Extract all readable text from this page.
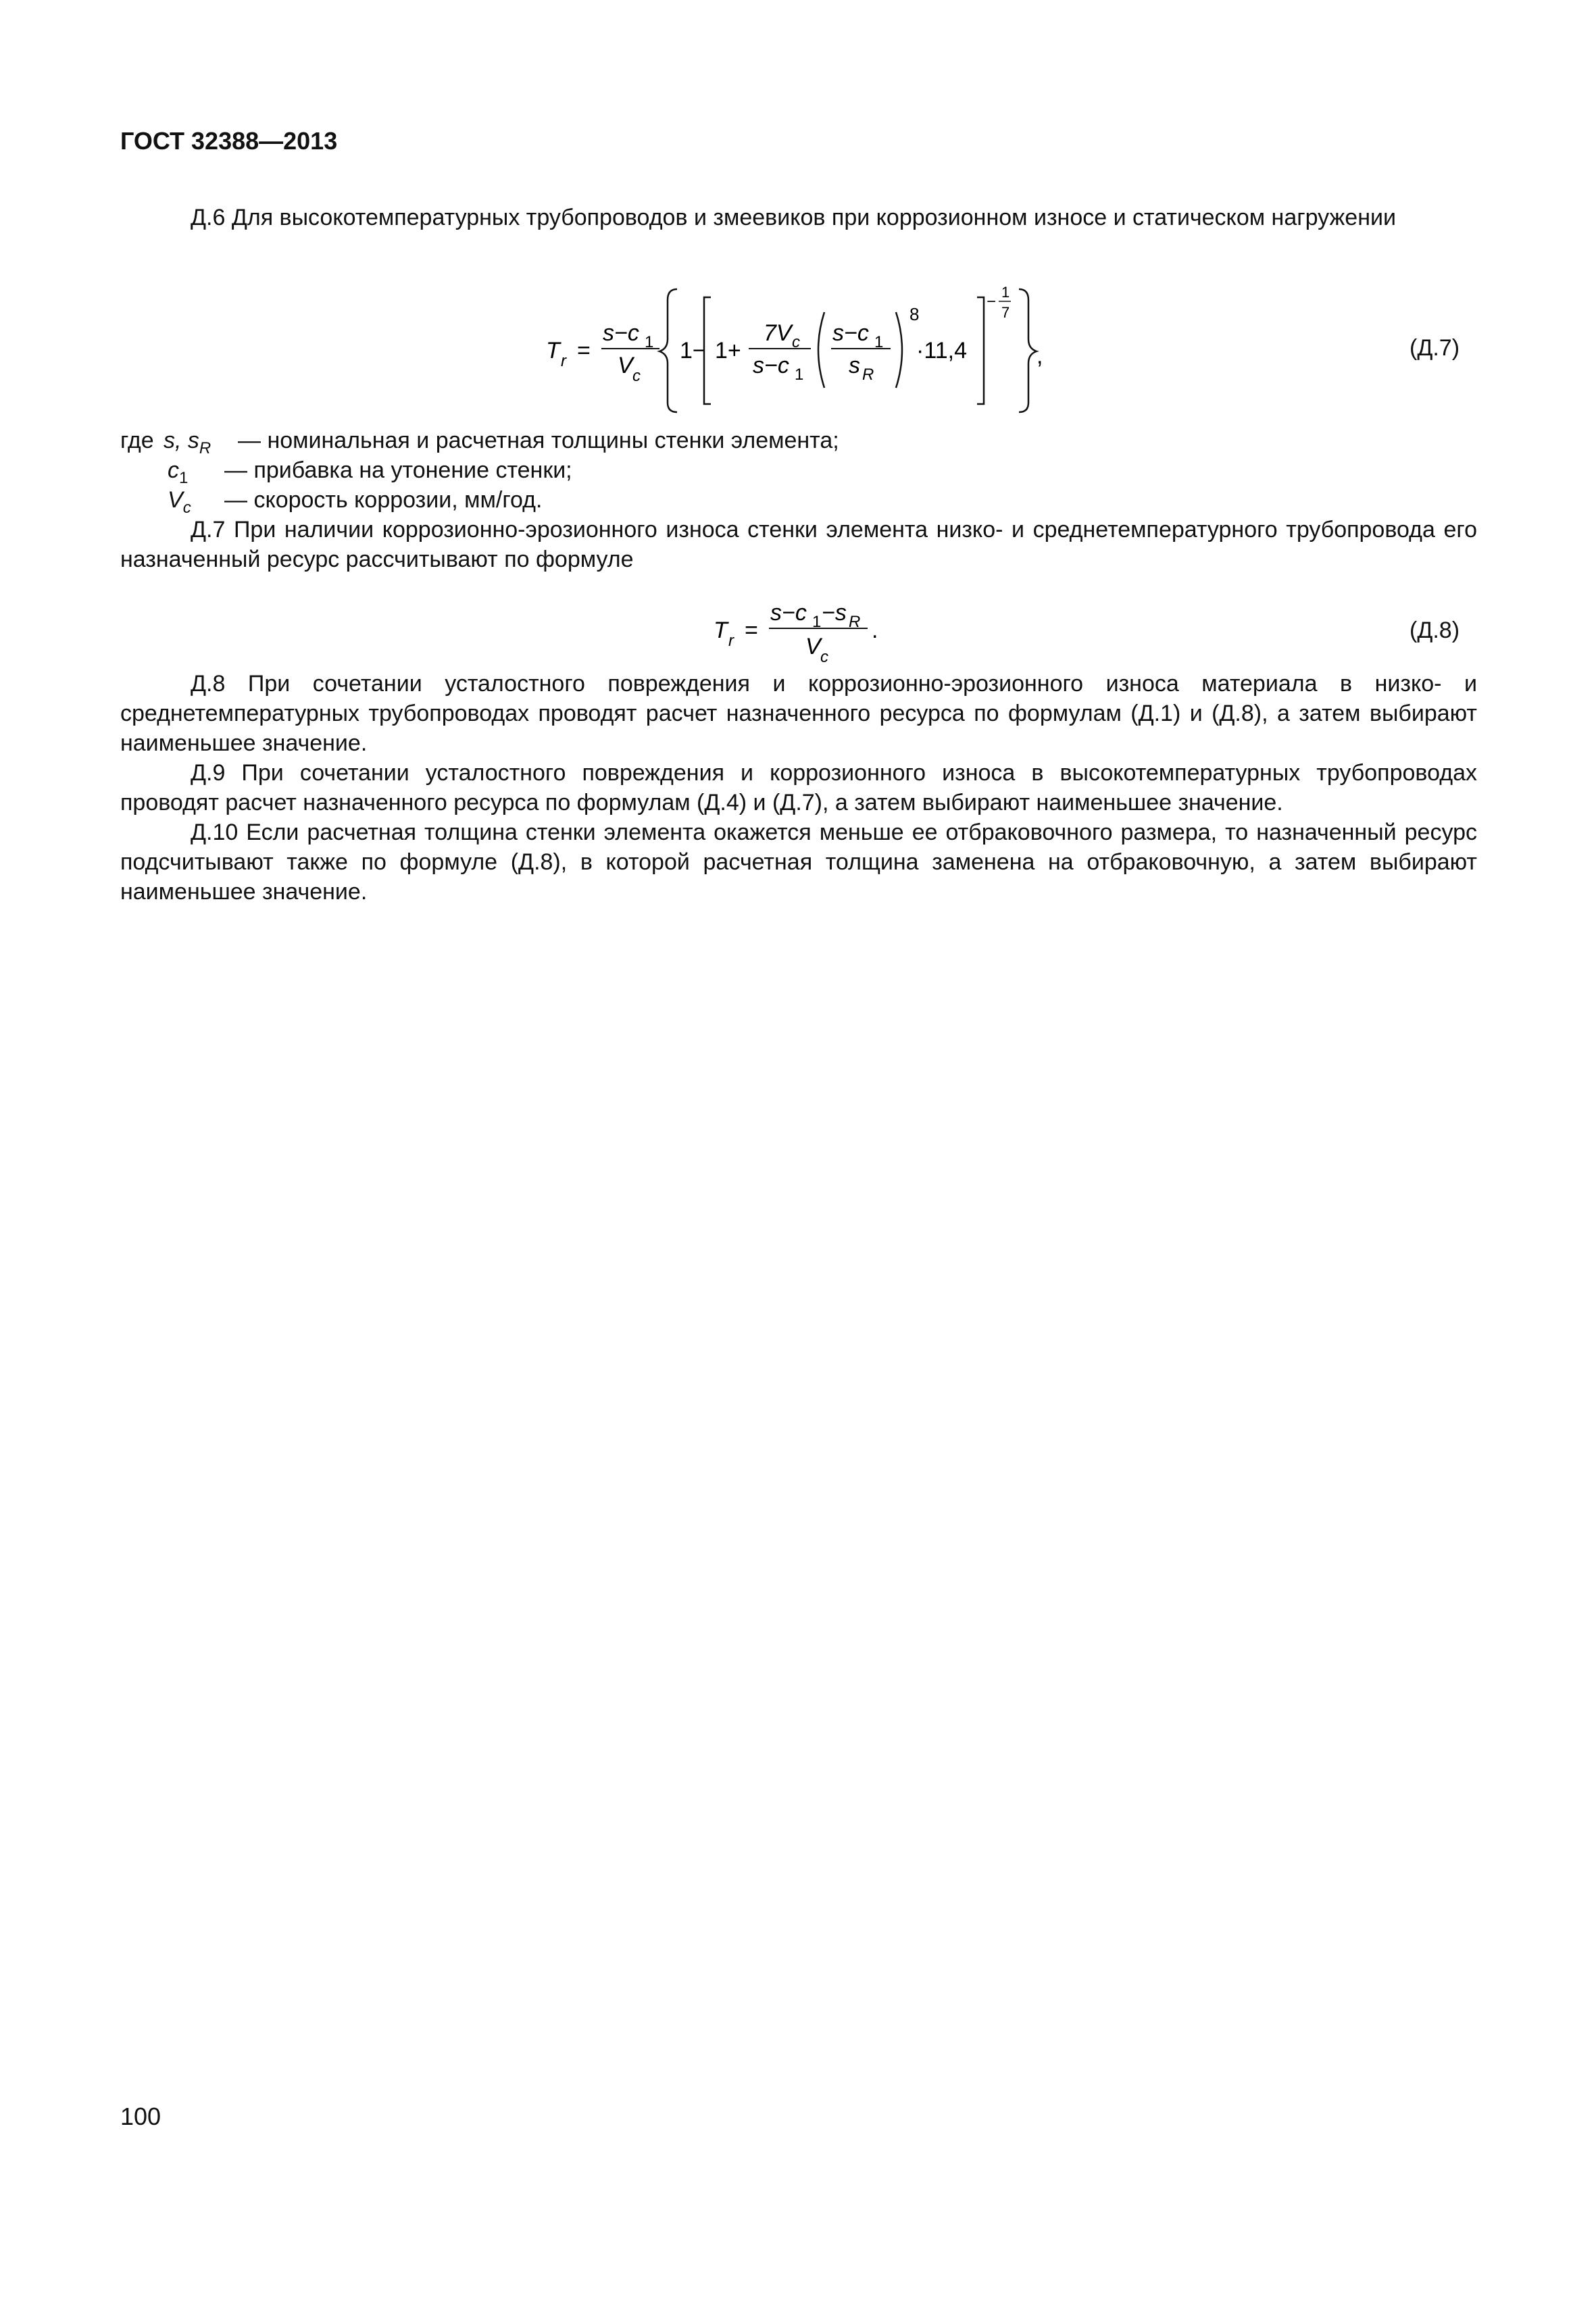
ГОСТ 32388—2013
Д.6 Для высокотемпературных трубопроводов и змеевиков при коррозионном износе и статическом нагружении
T r =
s−c 1
V c
1− 1+
7V c
s−c 1
s−c 1
s R
8
·11,4
−
1
7
,	(Д.7)
где s, $s_R$ — номинальная и расчетная толщины стенки элемента;
$c_1$ — прибавка на утонение стенки;
$V_c$ — скорость коррозии, мм/год.
Д.7 При наличии коррозионно-эрозионного износа стенки элемента низко- и среднетемпературного трубопровода его назначенный ресурс рассчитывают по формуле
T r =
s−c 1 −s R
V c
.	(Д.8)
Д.8 При сочетании усталостного повреждения и коррозионно-эрозионного износа материала в низко- и среднетемпературных трубопроводах проводят расчет назначенного ресурса по формулам (Д.1) и (Д.8), а затем выбирают наименьшее значение.
Д.9 При сочетании усталостного повреждения и коррозионного износа в высокотемпературных трубопроводах проводят расчет назначенного ресурса по формулам (Д.4) и (Д.7), а затем выбирают наименьшее значение.
Д.10 Если расчетная толщина стенки элемента окажется меньше ее отбраковочного размера, то назначенный ресурс подсчитывают также по формуле (Д.8), в которой расчетная толщина заменена на отбраковочную, а затем выбирают наименьшее значение.
100
